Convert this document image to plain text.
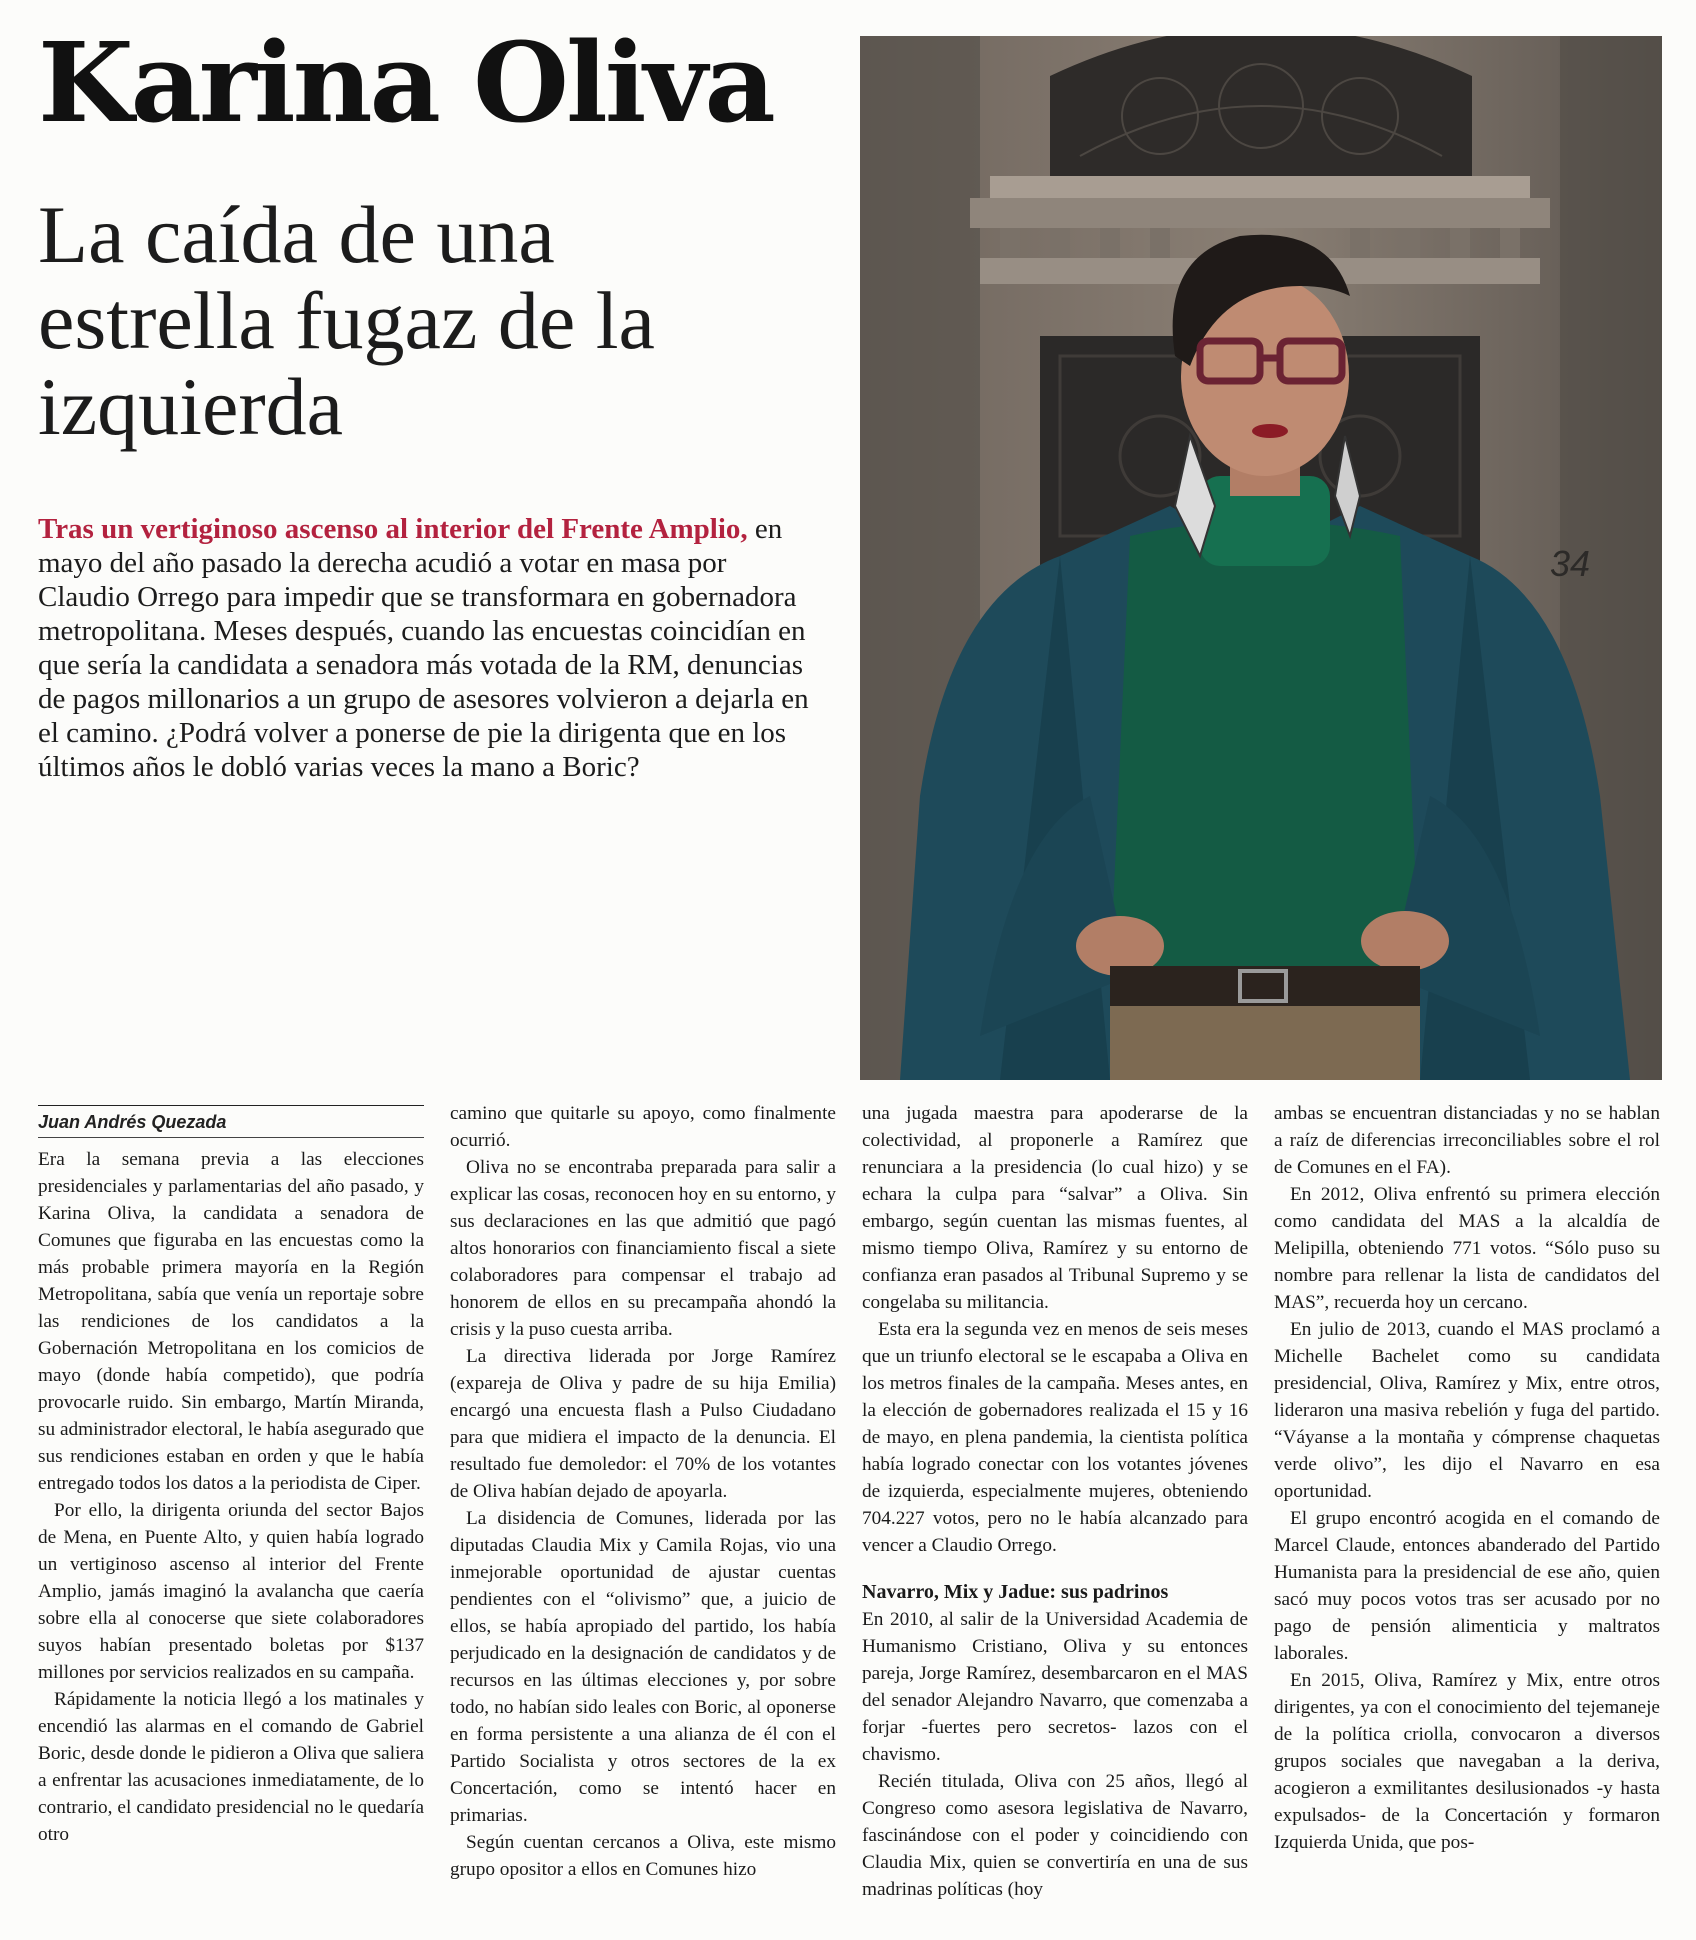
Karina Oliva
La caída de una estrella fugaz de la izquierda
Tras un vertiginoso ascenso al interior del Frente Amplio, en mayo del año pasado la derecha acudió a votar en masa por Claudio Orrego para impedir que se transformara en gobernadora metropolitana. Meses después, cuando las encuestas coincidían en que sería la candidata a senadora más votada de la RM, denuncias de pagos millonarios a un grupo de asesores volvieron a dejarla en el camino. ¿Podrá volver a ponerse de pie la dirigenta que en los últimos años le dobló varias veces la mano a Boric?
34
Juan Andrés Quezada

Era la semana previa a las elecciones presidenciales y parlamentarias del año pasado, y Karina Oliva, la candidata a senadora de Comunes que figuraba en las encuestas como la más probable primera mayoría en la Región Metropolitana, sabía que venía un reportaje sobre las rendiciones de los candidatos a la Gobernación Metropolitana en los comicios de mayo (donde había competido), que podría provocarle ruido. Sin embargo, Martín Miranda, su administrador electoral, le había asegurado que sus rendiciones estaban en orden y que le había entregado todos los datos a la periodista de Ciper.

Por ello, la dirigenta oriunda del sector Bajos de Mena, en Puente Alto, y quien había logrado un vertiginoso ascenso al interior del Frente Amplio, jamás imaginó la avalancha que caería sobre ella al conocerse que siete colaboradores suyos habían presentado boletas por $137 millones por servicios realizados en su campaña.

Rápidamente la noticia llegó a los matinales y encendió las alarmas en el comando de Gabriel Boric, desde donde le pidieron a Oliva que saliera a enfrentar las acusaciones inmediatamente, de lo contrario, el candidato presidencial no le quedaría otro

camino que quitarle su apoyo, como finalmente ocurrió.

Oliva no se encontraba preparada para salir a explicar las cosas, reconocen hoy en su entorno, y sus declaraciones en las que admitió que pagó altos honorarios con financiamiento fiscal a siete colaboradores para compensar el trabajo ad honorem de ellos en su precampaña ahondó la crisis y la puso cuesta arriba.

La directiva liderada por Jorge Ramírez (expareja de Oliva y padre de su hija Emilia) encargó una encuesta flash a Pulso Ciudadano para que midiera el impacto de la denuncia. El resultado fue demoledor: el 70% de los votantes de Oliva habían dejado de apoyarla.

La disidencia de Comunes, liderada por las diputadas Claudia Mix y Camila Rojas, vio una inmejorable oportunidad de ajustar cuentas pendientes con el “olivismo” que, a juicio de ellos, se había apropiado del partido, los había perjudicado en la designación de candidatos y de recursos en las últimas elecciones y, por sobre todo, no habían sido leales con Boric, al oponerse en forma persistente a una alianza de él con el Partido Socialista y otros sectores de la ex Concertación, como se intentó hacer en primarias.

Según cuentan cercanos a Oliva, este mismo grupo opositor a ellos en Comunes hizo

una jugada maestra para apoderarse de la colectividad, al proponerle a Ramírez que renunciara a la presidencia (lo cual hizo) y se echara la culpa para “salvar” a Oliva. Sin embargo, según cuentan las mismas fuentes, al mismo tiempo Oliva, Ramírez y su entorno de confianza eran pasados al Tribunal Supremo y se congelaba su militancia.

Esta era la segunda vez en menos de seis meses que un triunfo electoral se le escapaba a Oliva en los metros finales de la campaña. Meses antes, en la elección de gobernadores realizada el 15 y 16 de mayo, en plena pandemia, la cientista política había logrado conectar con los votantes jóvenes de izquierda, especialmente mujeres, obteniendo 704.227 votos, pero no le había alcanzado para vencer a Claudio Orrego.

Navarro, Mix y Jadue: sus padrinos

En 2010, al salir de la Universidad Academia de Humanismo Cristiano, Oliva y su entonces pareja, Jorge Ramírez, desembarcaron en el MAS del senador Alejandro Navarro, que comenzaba a forjar -fuertes pero secretos- lazos con el chavismo.

Recién titulada, Oliva con 25 años, llegó al Congreso como asesora legislativa de Navarro, fascinándose con el poder y coincidiendo con Claudia Mix, quien se convertiría en una de sus madrinas políticas (hoy

ambas se encuentran distanciadas y no se hablan a raíz de diferencias irreconciliables sobre el rol de Comunes en el FA).

En 2012, Oliva enfrentó su primera elección como candidata del MAS a la alcaldía de Melipilla, obteniendo 771 votos. “Sólo puso su nombre para rellenar la lista de candidatos del MAS”, recuerda hoy un cercano.

En julio de 2013, cuando el MAS proclamó a Michelle Bachelet como su candidata presidencial, Oliva, Ramírez y Mix, entre otros, lideraron una masiva rebelión y fuga del partido. “Váyanse a la montaña y cómprense chaquetas verde olivo”, les dijo el Navarro en esa oportunidad.

El grupo encontró acogida en el comando de Marcel Claude, entonces abanderado del Partido Humanista para la presidencial de ese año, quien sacó muy pocos votos tras ser acusado por no pago de pensión alimenticia y maltratos laborales.

En 2015, Oliva, Ramírez y Mix, entre otros dirigentes, ya con el conocimiento del tejemaneje de la política criolla, convocaron a diversos grupos sociales que navegaban a la deriva, acogieron a exmilitantes desilusionados -y hasta expulsados- de la Concertación y formaron Izquierda Unida, que pos-
